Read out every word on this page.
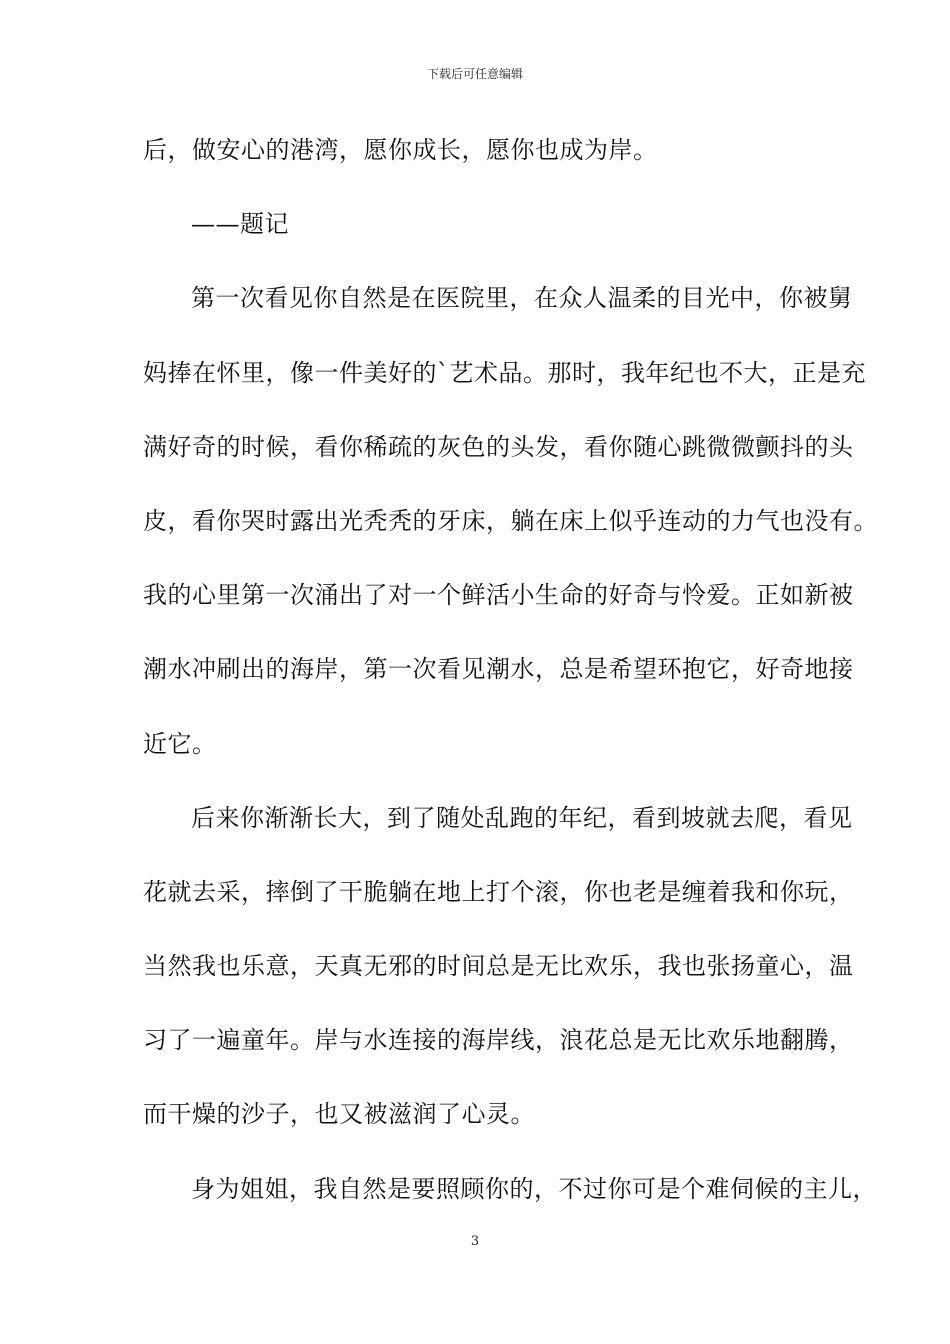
下载后可任意编辑
后，做安心的港湾，愿你成长，愿你也成为岸。
——题记
第一次看见你自然是在医院里，在众人温柔的目光中，你被舅
妈捧在怀里，像一件美好的`艺术品。那时，我年纪也不大，正是充
满好奇的时候，看你稀疏的灰色的头发，看你随心跳微微颤抖的头
皮，看你哭时露出光秃秃的牙床，躺在床上似乎连动的力气也没有。
我的心里第一次涌出了对一个鲜活小生命的好奇与怜爱。正如新被
潮水冲刷出的海岸，第一次看见潮水，总是希望环抱它，好奇地接
近它。
后来你渐渐长大，到了随处乱跑的年纪，看到坡就去爬，看见
花就去采，摔倒了干脆躺在地上打个滚，你也老是缠着我和你玩，
当然我也乐意，天真无邪的时间总是无比欢乐，我也张扬童心，温
习了一遍童年。岸与水连接的海岸线，浪花总是无比欢乐地翻腾，
而干燥的沙子，也又被滋润了心灵。
身为姐姐，我自然是要照顾你的，不过你可是个难伺候的主儿，
3
